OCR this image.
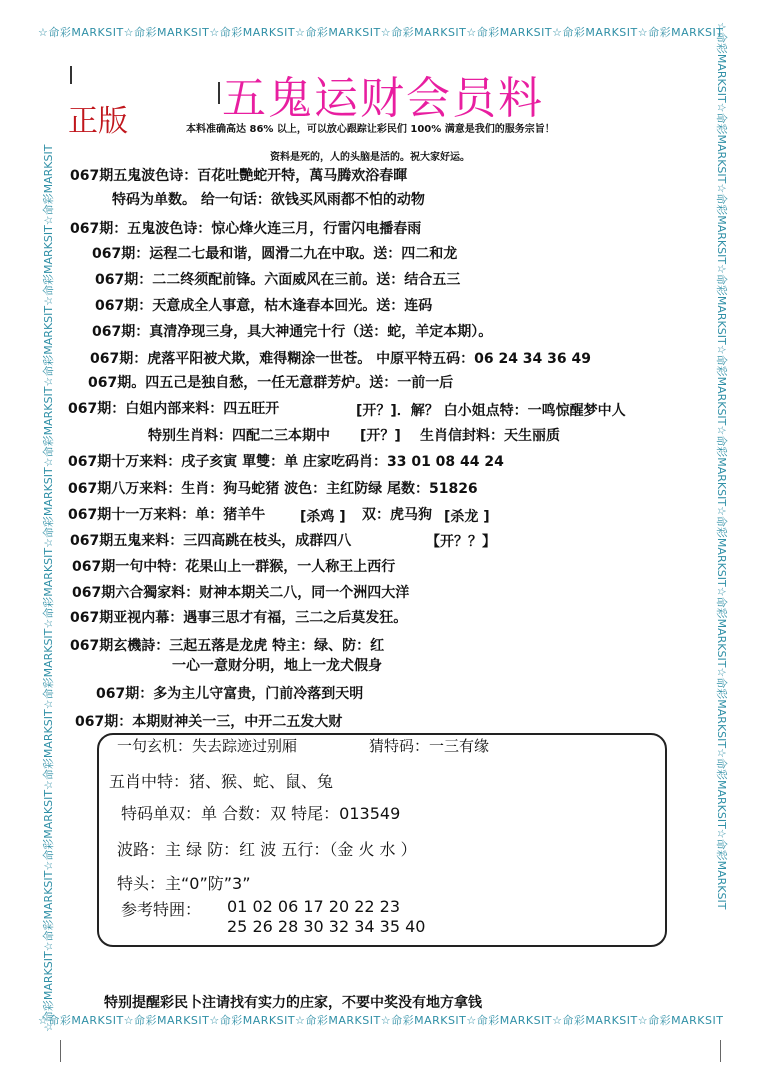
☆命彩MARKSIT☆命彩MARKSIT☆命彩MARKSIT☆命彩MARKSIT☆命彩MARKSIT☆命彩MARKSIT☆命彩MARKSIT☆命彩MARKSIT
☆命彩MARKSIT☆命彩MARKSIT☆命彩MARKSIT☆命彩MARKSIT☆命彩MARKSIT☆命彩MARKSIT☆命彩MARKSIT☆命彩MARKSIT
☆命彩MARKSIT☆命彩MARKSIT☆命彩MARKSIT☆命彩MARKSIT☆命彩MARKSIT☆命彩MARKSIT☆命彩MARKSIT☆命彩MARKSIT☆命彩MARKSIT☆命彩MARKSIT☆命彩MARKSIT	☆命彩MARKSIT☆命彩MARKSIT☆命彩MARKSIT☆命彩MARKSIT☆命彩MARKSIT☆命彩MARKSIT☆命彩MARKSIT☆命彩MARKSIT☆命彩MARKSIT☆命彩MARKSIT☆命彩MARKSIT
五鬼运财会员料
正版	本料准确高达 86% 以上，可以放心跟踪让彩民们 100% 满意是我们的服务宗旨！
资料是死的，人的头脑是活的。祝大家好运。
067期五鬼波色诗：百花吐艷蛇开特，萬马腾欢浴春暉
特码为单数。 给一句话：欲钱买风雨都不怕的动物
067期：五鬼波色诗：惊心烽火连三月，行雷闪电播春雨
067期：运程二七最和谐，圆滑二九在中取。送：四二和龙
067期：二二终须配前锋。六面威风在三前。送：结合五三
067期：天意成全人事意，枯木逢春本回光。送：连码
067期：真清净现三身，具大神通完十行（送：蛇，羊定本期）。
067期：虎落平阳被犬欺，难得糊涂一世苍。 中原平特五码：06 24 34 36 49
067期。四五己是独自愁，一任无意群芳炉。送：一前一后
067期：白姐内部来料：四五旺开	[开？]．解？ 白小姐点特：一鸣惊醒梦中人
特别生肖料：四配二三本期中 [开？] 生肖信封料：天生丽质
067期十万来料：戌子亥寅 單雙：单 庄家吃码肖：33 01 08 44 24
067期八万来料：生肖：狗马蛇猪 波色：主红防绿 尾数：51826
067期十一万来料：单：猪羊牛 [杀鸡 ] 双：虎马狗 [杀龙 ]
067期五鬼来料：三四高跳在枝头，成群四八	【开？？】
067期一句中特：花果山上一群猴，一人称王上西行
067期六合獨家料：财神本期关二八，同一个洲四大洋
067期亚视内幕：遇事三思才有福，三二之后莫发狂。
067期玄機詩：三起五落是龙虎 特主：绿、防：红
一心一意财分明，地上一龙犬假身
067期：多为主儿守富贵，门前冷落到天明
067期：本期财神关一三，中开二五发大财
一句玄机：失去踪迹过别厢	猜特码：一三有缘
五肖中特：猪、猴、蛇、鼠、兔
特码单双：单 合数：双 特尾：013549
波路：主 绿 防：红 波 五行：（金 火 水 ）
特头：主“0”防”3”
参考特囲： 01 02 06 17 20 22 23
25 26 28 30 32 34 35 40
特别提醒彩民卜注请找有实力的庄家，不要中奖没有地方拿钱
